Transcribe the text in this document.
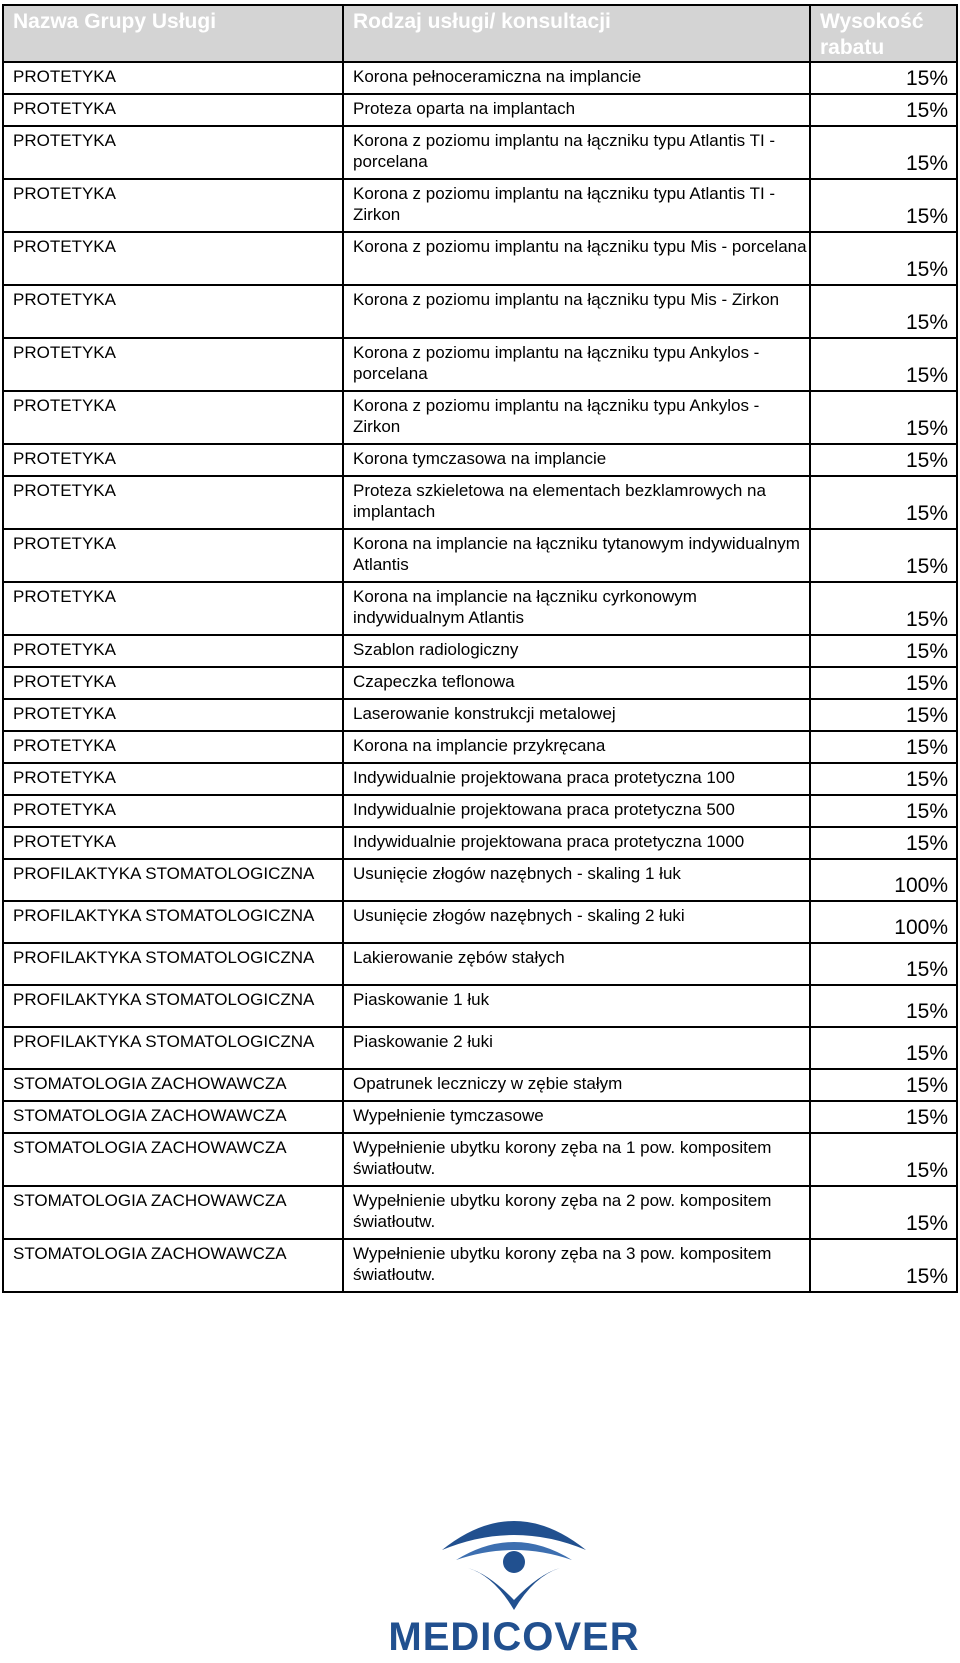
Nazwa Grupy Usługi	Rodzaj usługi/ konsultacji	Wysokość rabatu
PROTETYKA	Korona pełnoceramiczna na implancie	15%
PROTETYKA	Proteza oparta na implantach	15%
PROTETYKA	Korona z poziomu implantu na łączniku typu Atlantis TI - porcelana	15%
PROTETYKA	Korona z poziomu implantu na łączniku typu Atlantis TI - Zirkon	15%
PROTETYKA	Korona z poziomu implantu na łączniku typu Mis - porcelana	15%
PROTETYKA	Korona z poziomu implantu na łączniku typu Mis - Zirkon	15%
PROTETYKA	Korona z poziomu implantu na łączniku typu Ankylos - porcelana	15%
PROTETYKA	Korona z poziomu implantu na łączniku typu Ankylos - Zirkon	15%
PROTETYKA	Korona tymczasowa na implancie	15%
PROTETYKA	Proteza szkieletowa na elementach bezklamrowych na implantach	15%
PROTETYKA	Korona na implancie na łączniku tytanowym indywidualnym Atlantis	15%
PROTETYKA	Korona na implancie na łączniku cyrkonowym indywidualnym Atlantis	15%
PROTETYKA	Szablon radiologiczny	15%
PROTETYKA	Czapeczka teflonowa	15%
PROTETYKA	Laserowanie konstrukcji metalowej	15%
PROTETYKA	Korona na implancie przykręcana	15%
PROTETYKA	Indywidualnie projektowana praca protetyczna 100	15%
PROTETYKA	Indywidualnie projektowana praca protetyczna 500	15%
PROTETYKA	Indywidualnie projektowana praca protetyczna 1000	15%
PROFILAKTYKA STOMATOLOGICZNA	Usunięcie złogów nazębnych - skaling 1 łuk	100%
PROFILAKTYKA STOMATOLOGICZNA	Usunięcie złogów nazębnych - skaling 2 łuki	100%
PROFILAKTYKA STOMATOLOGICZNA	Lakierowanie zębów stałych	15%
PROFILAKTYKA STOMATOLOGICZNA	Piaskowanie 1 łuk	15%
PROFILAKTYKA STOMATOLOGICZNA	Piaskowanie 2 łuki	15%
STOMATOLOGIA ZACHOWAWCZA	Opatrunek leczniczy w zębie stałym	15%
STOMATOLOGIA ZACHOWAWCZA	Wypełnienie tymczasowe	15%
STOMATOLOGIA ZACHOWAWCZA	Wypełnienie ubytku korony zęba na 1 pow. kompositem światłoutw.	15%
STOMATOLOGIA ZACHOWAWCZA	Wypełnienie ubytku korony zęba na 2 pow. kompositem światłoutw.	15%
STOMATOLOGIA ZACHOWAWCZA	Wypełnienie ubytku korony zęba na 3 pow. kompositem światłoutw.	15%
MEDICOVER
